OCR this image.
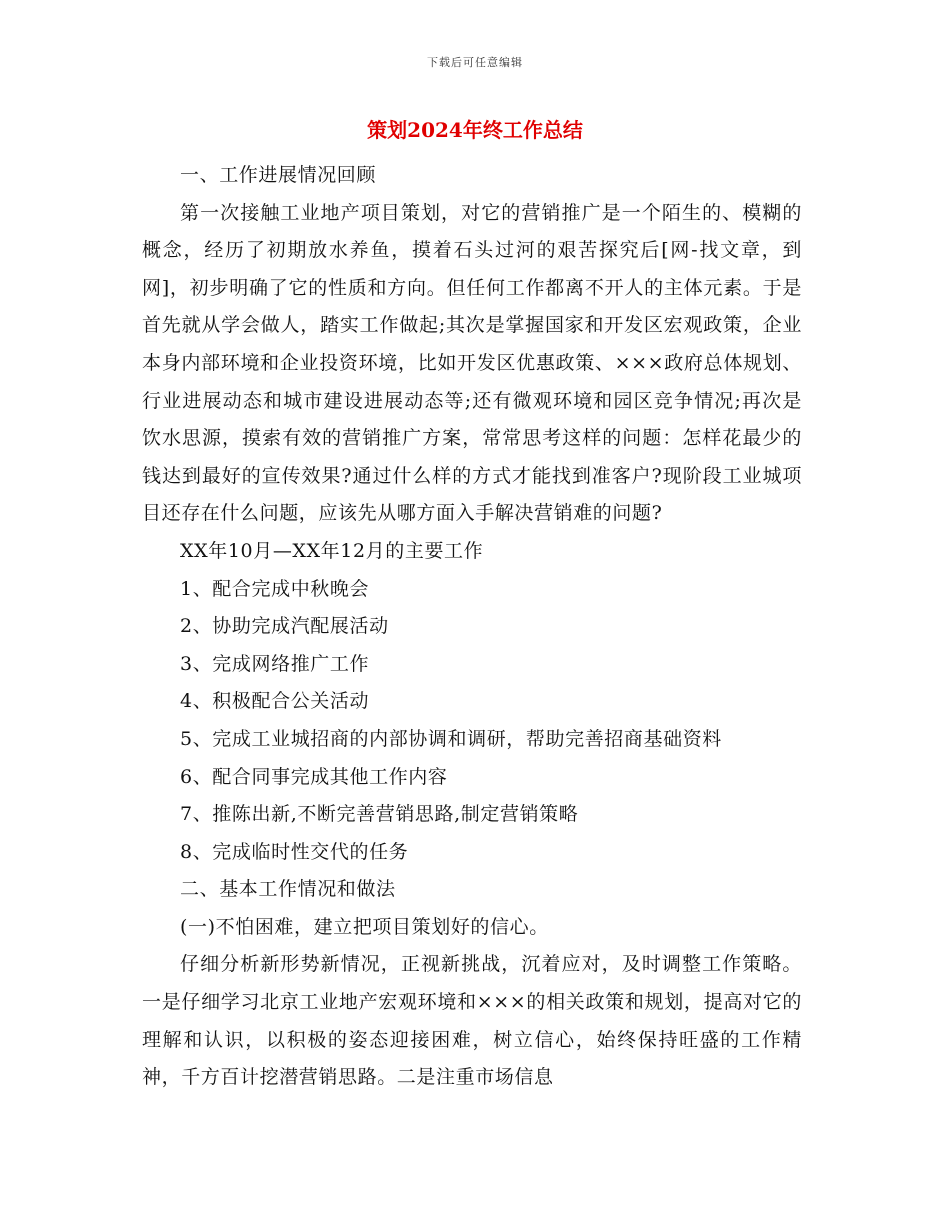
下载后可任意编辑
策划2024年终工作总结

一、工作进展情况回顾

第一次接触工业地产项目策划，对它的营销推广是一个陌生的、模糊的概念，经历了初期放水养鱼，摸着石头过河的艰苦探究后[网-找文章，到网]，初步明确了它的性质和方向。但任何工作都离不开人的主体元素。于是首先就从学会做人，踏实工作做起;其次是掌握国家和开发区宏观政策，企业本身内部环境和企业投资环境，比如开发区优惠政策、×××政府总体规划、行业进展动态和城市建设进展动态等;还有微观环境和园区竞争情况;再次是饮水思源，摸索有效的营销推广方案，常常思考这样的问题：怎样花最少的钱达到最好的宣传效果?通过什么样的方式才能找到准客户?现阶段工业城项目还存在什么问题，应该先从哪方面入手解决营销难的问题?

XX年10月—XX年12月的主要工作

1、配合完成中秋晚会

2、协助完成汽配展活动

3、完成网络推广工作

4、积极配合公关活动

5、完成工业城招商的内部协调和调研，帮助完善招商基础资料

6、配合同事完成其他工作内容

7、推陈出新,不断完善营销思路,制定营销策略

8、完成临时性交代的任务

二、基本工作情况和做法

(一)不怕困难，建立把项目策划好的信心。

仔细分析新形势新情况，正视新挑战，沉着应对，及时调整工作策略。一是仔细学习北京工业地产宏观环境和×××的相关政策和规划，提高对它的理解和认识，以积极的姿态迎接困难，树立信心，始终保持旺盛的工作精神，千方百计挖潜营销思路。二是注重市场信息
